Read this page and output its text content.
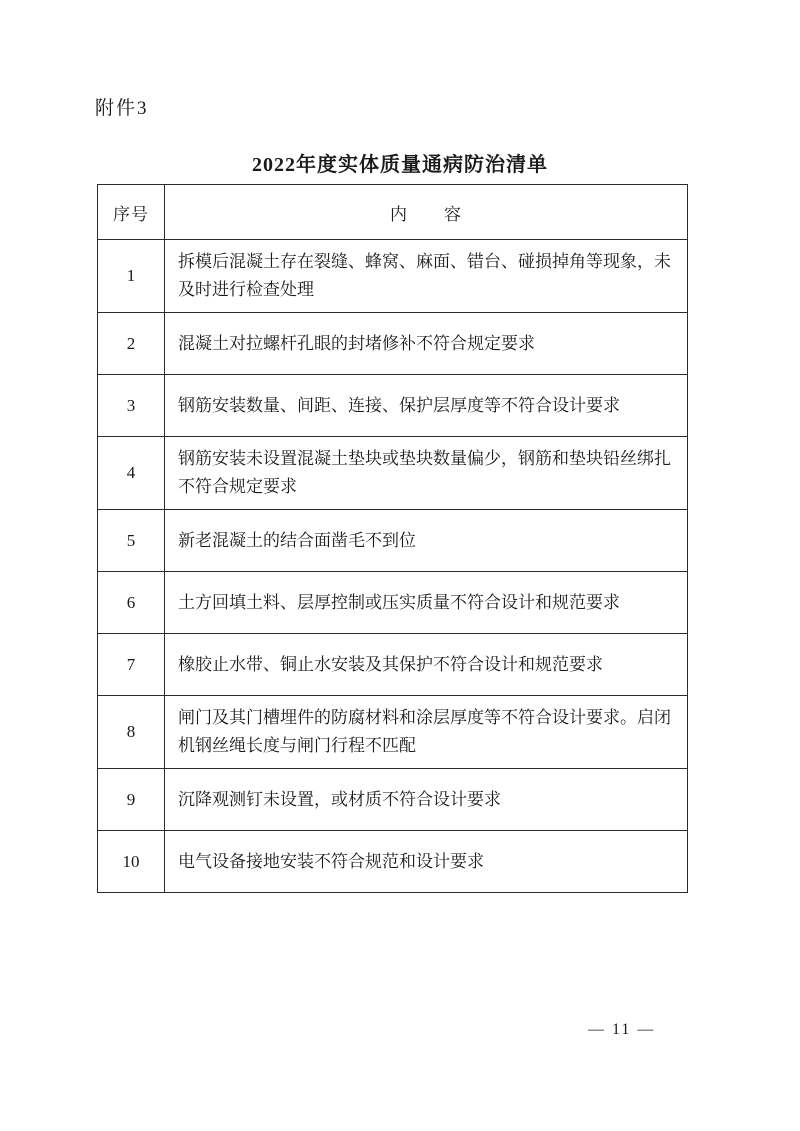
附件3
2022年度实体质量通病防治清单
序号	内　　容
1	拆模后混凝土存在裂缝、蜂窝、麻面、错台、碰损掉角等现象，未及时进行检查处理
2	混凝土对拉螺杆孔眼的封堵修补不符合规定要求
3	钢筋安装数量、间距、连接、保护层厚度等不符合设计要求
4	钢筋安装未设置混凝土垫块或垫块数量偏少，钢筋和垫块铅丝绑扎不符合规定要求
5	新老混凝土的结合面凿毛不到位
6	土方回填土料、层厚控制或压实质量不符合设计和规范要求
7	橡胶止水带、铜止水安装及其保护不符合设计和规范要求
8	闸门及其门槽埋件的防腐材料和涂层厚度等不符合设计要求。启闭机钢丝绳长度与闸门行程不匹配
9	沉降观测钉未设置，或材质不符合设计要求
10	电气设备接地安装不符合规范和设计要求
— 11 —
